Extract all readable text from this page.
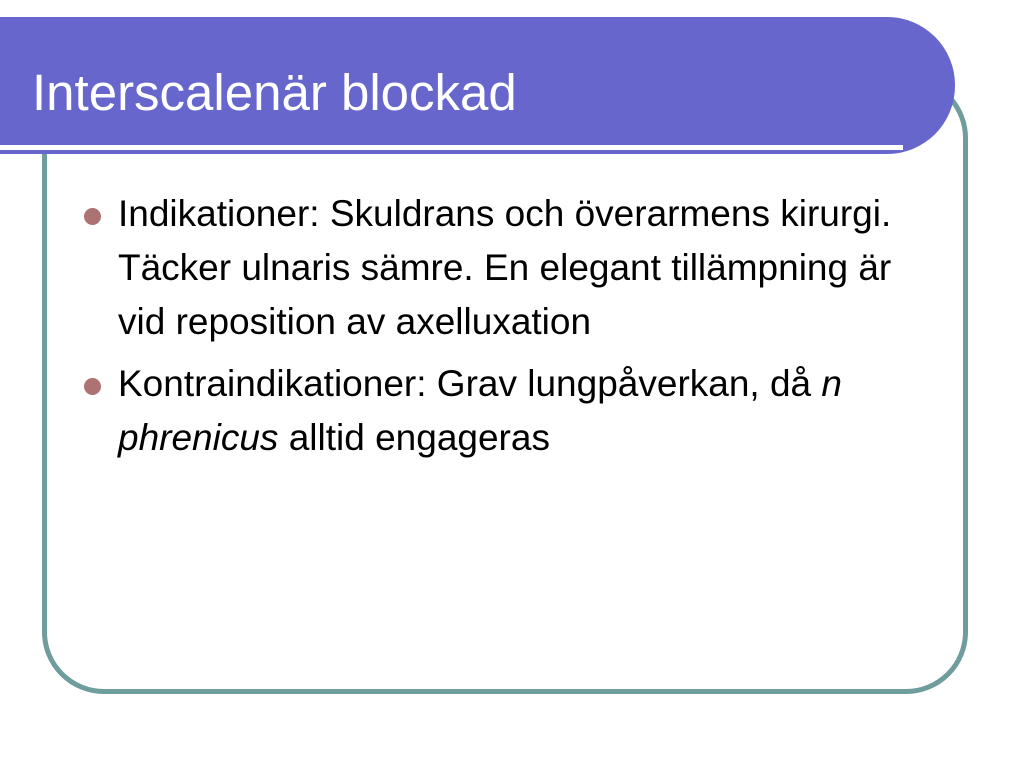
Interscalenär blockad
Indikationer: Skuldrans och överarmens kirurgi. Täcker ulnaris sämre. En elegant tillämpning är vid reposition av axelluxation
Kontraindikationer: Grav lungpåverkan, då n phrenicus alltid engageras
